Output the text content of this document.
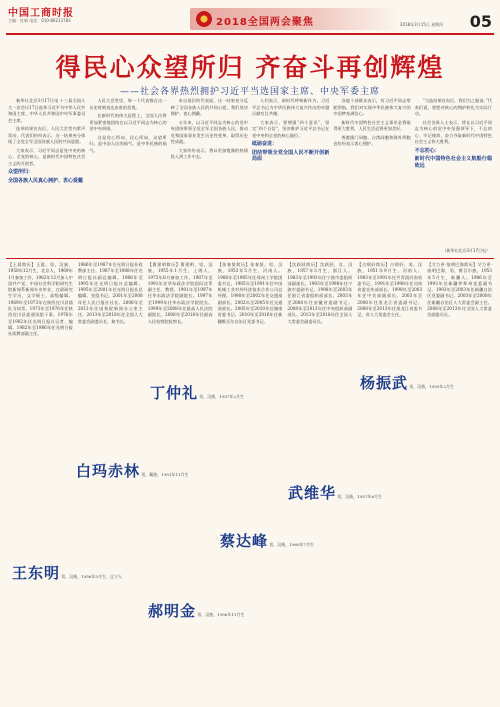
中国工商时报
主编：杜娟 电话：010-86213783	2018全国两会聚焦	2018年3月15日 星期四 05
得民心众望所归 齐奋斗再创辉煌
——社会各界热烈拥护习近平当选国家主席、中央军委主席

新华社北京3月17日电 十三届全国人大一次会议17日选举习近平为中华人民共和国主席、中华人民共和国中央军事委员会主席。

选举结果宣布后，人民大会堂内掌声雷动，代表们纷纷表示，这一结果充分体现了全党全军全国各族人民的共同意愿。

大家表示，习近平同志是党中央的核心、全党的核心，是新时代中国特色社会主义的开创者。

众望所归：

全国各族人民真心拥护、衷心爱戴

人民大会堂里，每一个代表都在这一历史时刻表达由衷的喜悦。

在新时代的伟大征程上，全国人民将更加紧密地团结在以习近平同志为核心的党中央周围。

这是党心所向、民心所向、众望所归，是中国人民的福气，是中华民族的福气。

来自基层的代表说，这一结果充分反映了全国各族人民的共同心愿，我们坚决拥护、衷心拥戴。

五年来，以习近平同志为核心的党中央团结带领全党全军全国各族人民，推动党和国家事业发生历史性变革、取得历史性成就。

大家纷纷表示，将以更加饱满的热情投入到工作中去。

人们表示，新时代呼唤新作为，习近平总书记为中华民族伟大复兴作出的卓越贡献有目共睹。

大家表示，要增强“四个意识”，坚定“四个自信”，坚决维护习近平总书记在党中央和全党的核心地位。

砥砺奋进：

团结带领全党全国人民不断开创新局面

各地干部群众表示，有习近平同志掌舵领航，我们对实现中华民族伟大复兴的中国梦充满信心。

新时代中国特色社会主义事业必将取得更大胜利，人民生活必将更加美好。

香港澳门同胞、台湾同胞和海外侨胞也纷纷表示衷心拥护。

“当选结果宣布后，我们为之振奋。”代表们说，要把对核心的拥护转化为实际行动。

社会各界人士表示，将在以习近平同志为核心的党中央坚强领导下，不忘初心、牢记使命，奋力夺取新时代中国特色社会主义伟大胜利。

不忘初心：

新时代中国特色社会主义航船行稳致远

（新华社北京3月17日电）
【王晨简历】王晨，男，汉族，1950年12月生，北京人，1969年1月参加工作，1982年12月加入中国共产党，中国社会科学院研究生院新闻系新闻专业毕业，在职研究生学历，文学硕士，高级编辑。1969年至1973年在陕西宜川县插队当知青。1973年至1976年任陕西宜川县委通讯组干事。1976年至1982年任光明日报社记者、编辑。1982年至1986年任光明日报社政教部副主任。
1986年至1987年任光明日报社政教部主任。1987年至1988年任光明日报社副总编辑。1988年至1995年任光明日报社总编辑。1995年至2001年任光明日报社总编辑、党组书记。2001年至2008年任人民日报社社长。2008年至2013年任国务院新闻办公室主任。2013年至2018年任全国人大常委会副委员长、秘书长。
【曹建明简历】曹建明，男，汉族，1955年1月生，上海人，1975年8月参加工作。1987年至1991年任华东政法学院国际法系副主任、教授。1991年至1997年任华东政法学院副院长。1997年至1999年任华东政法学院院长。1999年至2008年任最高人民法院副院长。2008年至2018年任最高人民检察院检察长。
【张春贤简历】张春贤，男，汉族，1953年5月生，河南人。1980年至1985年任郑州工学院团委书记。1985年至1991年任中国机械工业对外经济技术合作公司总经理。1998年至2002年任交通部副部长。2002年至2005年任交通部部长。2005年至2010年任湖南省委书记。2010年至2016年任新疆维吾尔自治区党委书记。
【沈跃跃简历】沈跃跃，女，汉族，1957年3月生，浙江人。1983年至1993年任宁波市委组织部副部长。1993年至1998年任宁波市委副书记。1998年至2003年任浙江省委组织部部长。2003年至2008年任安徽省委副书记。2008年至2013年任中央组织部副部长。2013年至2018年任全国人大常委会副委员长。
【吉炳轩简历】吉炳轩，男，汉族，1951年9月生，河南人。1983年至1991年任共青团河南省委书记。1991年至1998年任河南省委宣传部部长。1998年至2003年任中宣部副部长。2003年至2008年任黑龙江省委副书记。2008年至2013年任黑龙江省委书记、省人大常委会主任。
【艾力更·依明巴海简历】艾力更·依明巴海，男，维吾尔族，1953年5月生，新疆人。1986年至1993年任新疆伊犁州党委副书记。1993年至2003年任新疆自治区党委副书记。2003年至2008年任新疆自治区人大常委会副主任。2008年至2013年任全国人大常委会副委员长。
王东明 男，汉族，1956年3月生，辽宁人
白玛赤林 男，藏族，1951年11月生
丁仲礼 男，汉族，1957年2月生
郝明金 男，汉族，1956年11月生
蔡达峰 男，汉族，1960年7月生
武维华 男，汉族，1957年6月生
杨振武 男，汉族，1955年2月生
